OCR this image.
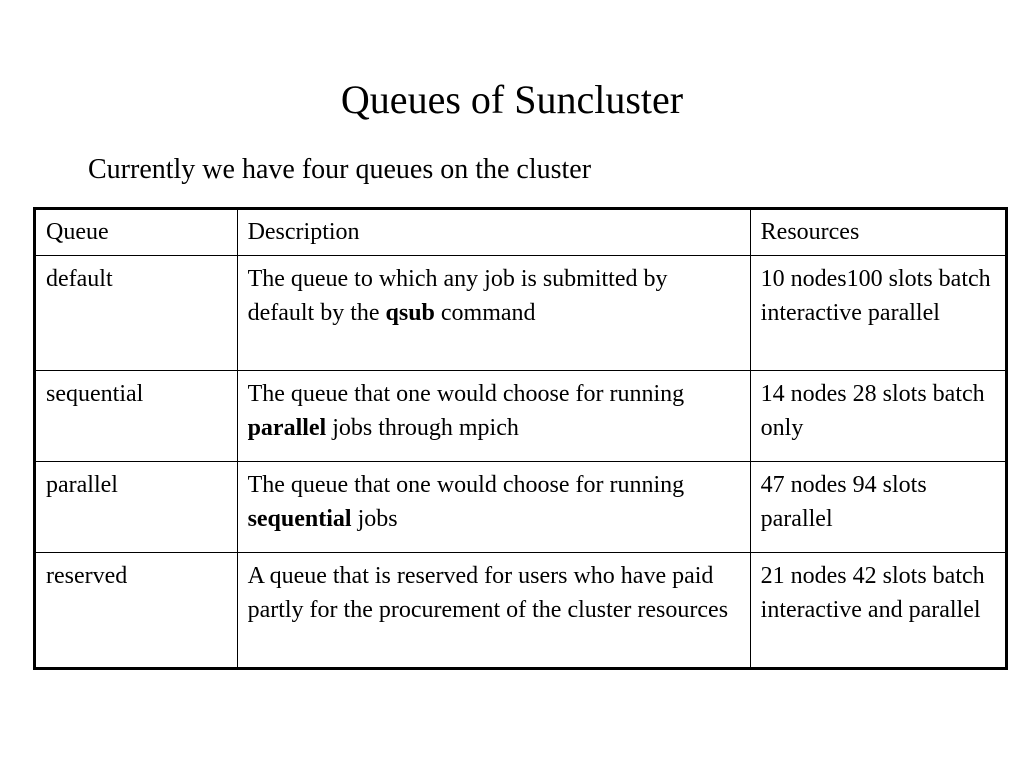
Queues of Suncluster

Currently we have four queues on the cluster

Queue	Description	Resources
default	The queue to which any job is submitted by default by the qsub command	10 nodes100 slots batch interactive parallel
sequential	The queue that one would choose for running parallel jobs through mpich	14 nodes 28 slots batch only
parallel	The queue that one would choose for running sequential jobs	47 nodes 94 slots parallel
reserved	A queue that is reserved for users who have paid partly for the procurement of the cluster resources	21 nodes 42 slots batch interactive and parallel
